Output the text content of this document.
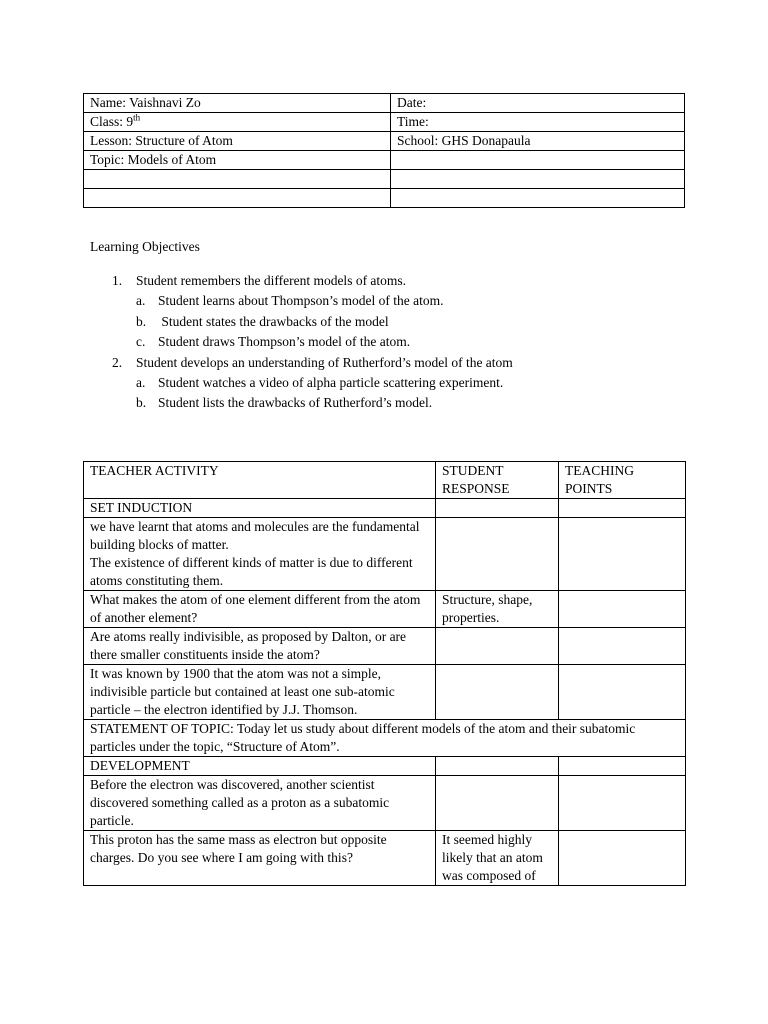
Name: Vaishnavi Zo	Date:
Class: 9th	Time:
Lesson: Structure of Atom	School: GHS Donapaula
Topic: Models of Atom	

Learning Objectives
1. Student remembers the different models of atoms.
a. Student learns about Thompson’s model of the atom.
b. Student states the drawbacks of the model
c. Student draws Thompson’s model of the atom.
2. Student develops an understanding of Rutherford’s model of the atom
a. Student watches a video of alpha particle scattering experiment.
b. Student lists the drawbacks of Rutherford’s model.
TEACHER ACTIVITY	STUDENT RESPONSE	TEACHING POINTS
SET INDUCTION		
we have learnt that atoms and molecules are the fundamental building blocks of matter.
The existence of different kinds of matter is due to different atoms constituting them.		
What makes the atom of one element different from the atom of another element?	Structure, shape, properties.	
Are atoms really indivisible, as proposed by Dalton, or are there smaller constituents inside the atom?		
It was known by 1900 that the atom was not a simple, indivisible particle but contained at least one sub-atomic particle – the electron identified by J.J. Thomson.		
STATEMENT OF TOPIC: Today let us study about different models of the atom and their subatomic particles under the topic, “Structure of Atom”.		
DEVELOPMENT		
Before the electron was discovered, another scientist discovered something called as a proton as a subatomic particle.		
This proton has the same mass as electron but opposite charges. Do you see where I am going with this?	It seemed highly likely that an atom was composed of	
